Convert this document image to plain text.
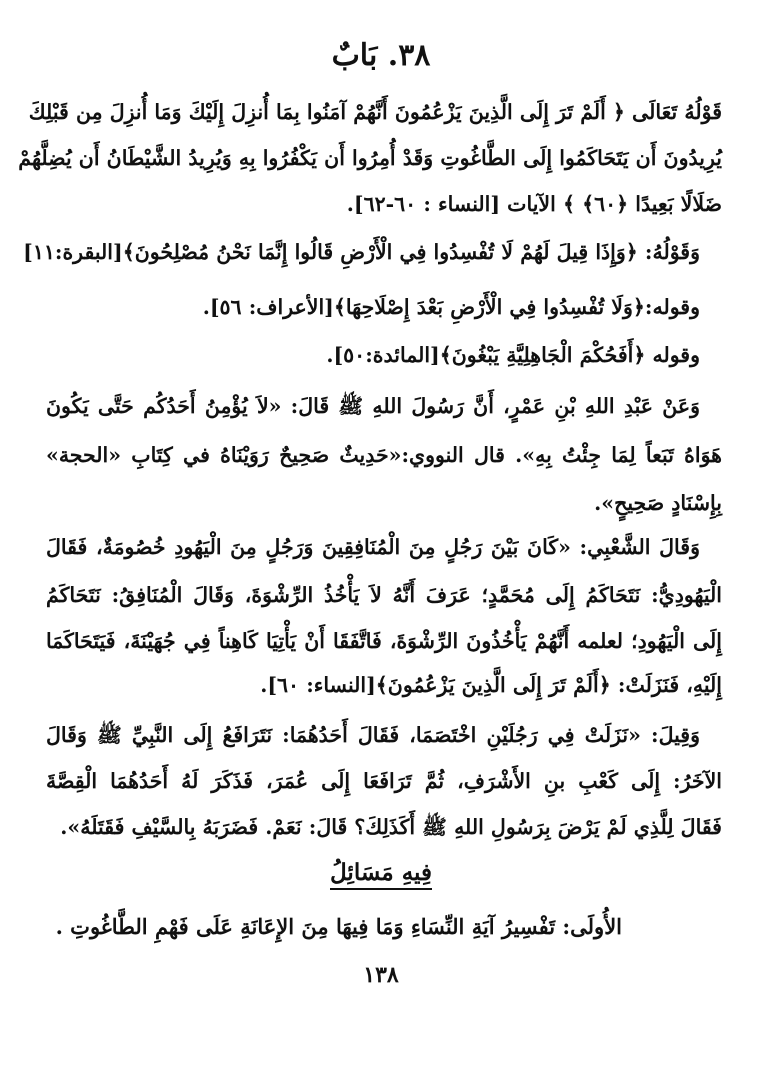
٣٨. بَابٌ
قَوْلُهُ تَعَالَى ﴿ أَلَمْ تَرَ إِلَى الَّذِينَ يَزْعُمُونَ أَنَّهُمْ آمَنُوا بِمَا أُنزِلَ إِلَيْكَ وَمَا أُنزِلَ مِن قَبْلِكَ
يُرِيدُونَ أَن يَتَحَاكَمُوا إِلَى الطَّاغُوتِ وَقَدْ أُمِرُوا أَن يَكْفُرُوا بِهِ وَيُرِيدُ الشَّيْطَانُ أَن يُضِلَّهُمْ
ضَلَالًا بَعِيدًا ﴿٦٠﴾ ﴾ الآيات [النساء : ٦٠-٦٢].
وَقَوْلُهُ: ﴿وَإِذَا قِيلَ لَهُمْ لَا تُفْسِدُوا فِي الْأَرْضِ قَالُوا إِنَّمَا نَحْنُ مُصْلِحُونَ﴾[البقرة:١١]
وقوله:﴿وَلَا تُفْسِدُوا فِي الْأَرْضِ بَعْدَ إِصْلَاحِهَا﴾[الأعراف: ٥٦].
وقوله ﴿أَفَحُكْمَ الْجَاهِلِيَّةِ يَبْغُونَ﴾[المائدة:٥٠].
وَعَنْ عَبْدِ اللهِ بْنِ عَمْرٍ، أَنَّ رَسُولَ اللهِ ﷺ قَالَ: «لاَ يُؤْمِنُ أَحَدُكُم حَتَّى يَكُونَ
هَوَاهُ تَبَعاً لِمَا جِئْتُ بِهِ». قال النووي:«حَدِيثٌ صَحِيحٌ رَوَيْنَاهُ في كِتَابِ «الحجة»
بِإِسْنَادٍ صَحِيحٍ».
وَقَالَ الشَّعْبِي: «كَانَ بَيْنَ رَجُلٍ مِنَ الْمُنَافِقِينَ وَرَجُلٍ مِنَ الْيَهُودِ خُصُومَةٌ، فَقَالَ
الْيَهُودِيُّ: نَتَحَاكَمُ إِلَى مُحَمَّدٍ؛ عَرَفَ أَنَّهُ لاَ يَأْخُذُ الرِّشْوَةَ، وَقَالَ الْمُنَافِقُ: نَتَحَاكَمُ
إِلَى الْيَهُودِ؛ لعلمه أَنَّهُمْ يَأْخُذُونَ الرِّشْوَةَ، فَاتَّفَقَا أَنْ يَأْتِيَا كَاهِناً فِي جُهَيْنَةَ، فَيَتَحَاكَمَا
إِلَيْهِ، فَنَزَلَتْ: ﴿أَلَمْ تَرَ إِلَى الَّذِينَ يَزْعُمُونَ﴾[النساء: ٦٠].
وَقِيلَ: «نَزَلَتْ فِي رَجُلَيْنِ اخْتَصَمَا، فَقَالَ أَحَدُهُمَا: نَتَرَافَعُ إِلَى النَّبِيِّ ﷺ وَقَالَ
الآخَرُ: إِلَى كَعْبِ بنِ الأَشْرَفِ، ثُمَّ تَرَافَعَا إِلَى عُمَرَ، فَذَكَرَ لَهُ أَحَدُهُمَا الْقِصَّةَ
فَقَالَ لِلَّذِي لَمْ يَرْضَ بِرَسُولِ اللهِ ﷺ أَكَذَلِكَ؟ قَالَ: نَعَمْ. فَضَرَبَهُ بِالسَّيْفِ فَقَتَلَهُ».
فِيهِ مَسَائِلُ
الأُولَى: تَفْسِيرُ آيَةِ النِّسَاءِ وَمَا فِيهَا مِنَ الإِعَانَةِ عَلَى فَهْمِ الطَّاغُوتِ .
١٣٨
